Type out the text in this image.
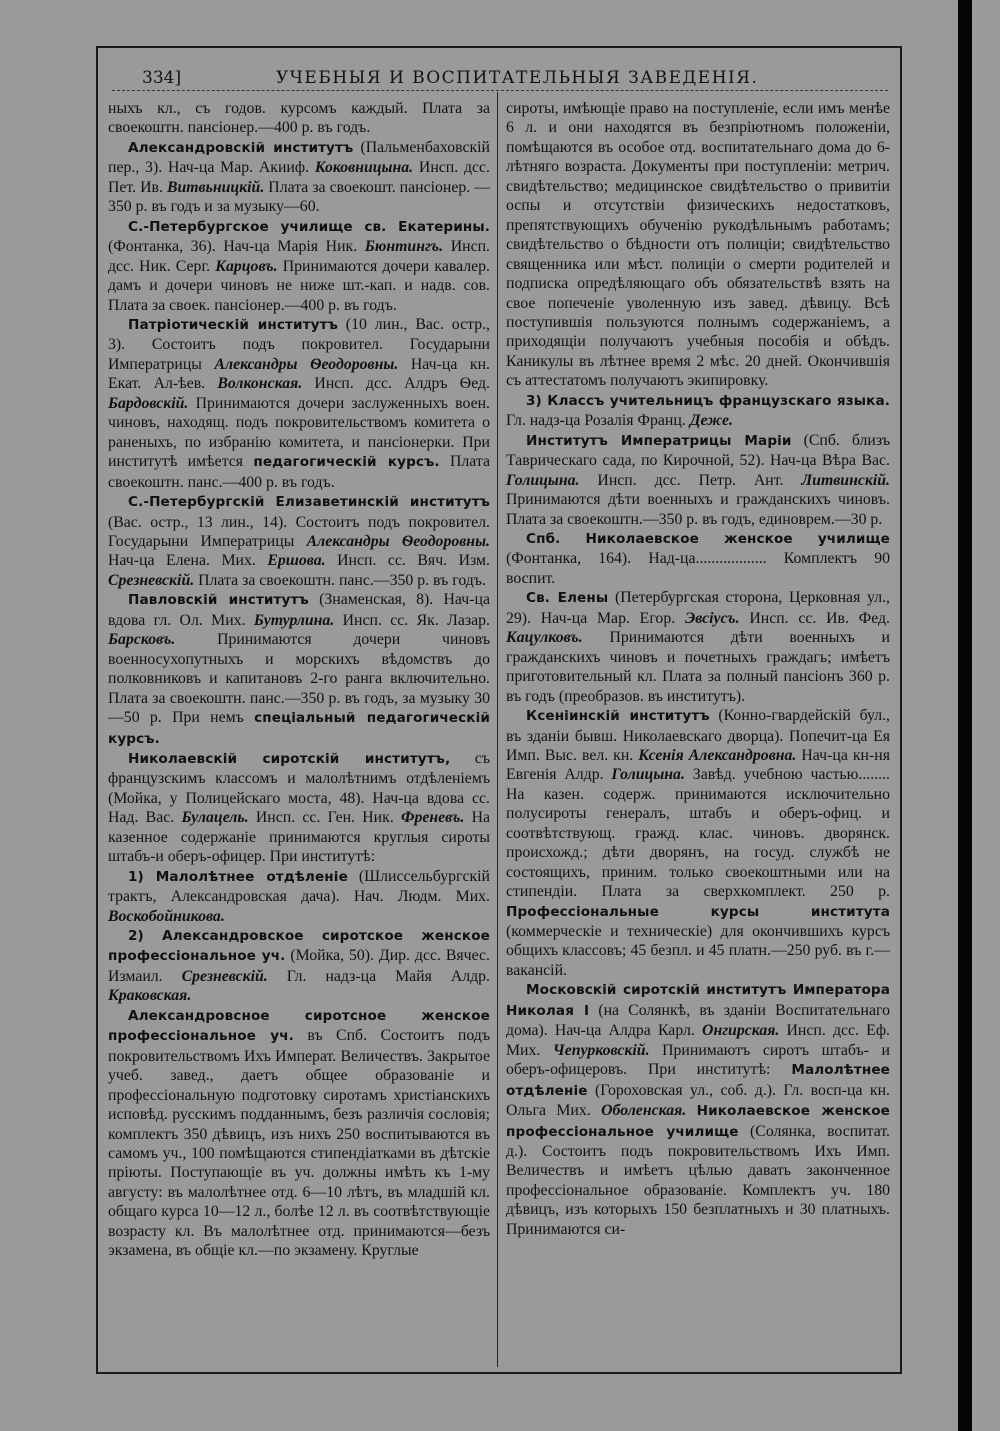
334]	УЧЕБНЫЯ И ВОСПИТАТЕЛЬНЫЯ ЗАВЕДЕНІЯ.

ныхъ кл., съ годов. курсомъ каждый. Плата за своекоштн. пансіонер.—400 р. въ годъ.

Александровскій институтъ (Пальменбаховскій пер., 3). Нач-ца Мар. Акииф. Коковницына. Инсп. дсс. Пет. Ив. Витвьницкій. Плата за своекошт. пансіонер. — 350 р. въ годъ и за музыку—60.

С.-Петербургское училище св. Екатерины. (Фонтанка, 36). Нач-ца Марія Ник. Бюнтингъ. Инсп. дсс. Ник. Серг. Карцовъ. Принимаются дочери кавалер. дамъ и дочери чиновъ не ниже шт.-кап. и надв. сов. Плата за своек. пансіонер.—400 р. въ годъ.

Патріотическій институтъ (10 лин., Вас. остр., 3). Состоитъ подъ покровител. Государыни Императрицы Александры Ѳеодоровны. Нач-ца кн. Екат. Ал-ѣев. Волконская. Инсп. дсс. Алдръ Ѳед. Бардовскій. Принимаются дочери заслуженныхъ воен. чиновъ, находящ. подъ покровительствомъ комитета о раненыхъ, по избранію комитета, и пансіонерки. При институтѣ имѣется педагогическій курсъ. Плата своекоштн. панс.—400 р. въ годъ.

С.-Петербургскій Елизаветинскій институтъ (Вас. остр., 13 лин., 14). Состоитъ подъ покровител. Государыни Императрицы Александры Ѳеодоровны. Нач-ца Елена. Мих. Ершова. Инсп. сс. Вяч. Изм. Срезневскій. Плата за своекоштн. панс.—350 р. въ годъ.

Павловскій институтъ (Знаменская, 8). Нач-ца вдова гл. Ол. Мих. Бутурлина. Инсп. сс. Як. Лазар. Барсковъ. Принимаются дочери чиновъ военносухопутныхъ и морскихъ вѣдомствъ до полковниковъ и капитановъ 2-го ранга включительно. Плата за своекоштн. панс.—350 р. въ годъ, за музыку 30—50 р. При немъ спеціальный педагогическій курсъ.

Николаевскій сиротскій институтъ, съ французскимъ классомъ и малолѣтнимъ отдѣленіемъ (Мойка, у Полицейскаго моста, 48). Нач-ца вдова сс. Над. Вас. Булацель. Инсп. сс. Ген. Ник. Френевъ. На казенное содержаніе принимаются круглыя сироты штабъ-и оберъ-офицер. При институтѣ:

1) Малолѣтнее отдѣленіе (Шлиссельбургскій трактъ, Александровская дача). Нач. Людм. Мих. Воскобойникова.

2) Александровское сиротское женское профессіональное уч. (Мойка, 50). Дир. дсс. Вячес. Измаил. Срезневскій. Гл. надз-ца Майя Алдр. Краковская.

Александровсное сиротсное женское профессіональное уч. въ Спб. Состоитъ подъ покровительствомъ Ихъ Императ. Величествъ. Закрытое учеб. завед., даетъ общее образованіе и профессіональную подготовку сиротамъ христіанскихъ исповѣд. русскимъ подданнымъ, безъ различія сословія; комплектъ 350 дѣвицъ, изъ нихъ 250 воспитываются въ самомъ уч., 100 помѣщаются стипендіатками въ дѣтскіе пріюты. Поступающіе въ уч. должны имѣть къ 1-му августу: въ малолѣтнее отд. 6—10 лѣтъ, въ младшій кл. общаго курса 10—12 л., болѣе 12 л. въ соотвѣтствующіе возрасту кл. Въ малолѣтнее отд. принимаются—безъ экзамена, въ общіе кл.—по экзамену. Круглые

сироты, имѣющіе право на поступленіе, если имъ менѣе 6 л. и они находятся въ безпріютномъ положеніи, помѣщаются въ особое отд. воспитательнаго дома до 6-лѣтняго возраста. Документы при поступленіи: метрич. свидѣтельство; медицинское свидѣтельство о привитіи оспы и отсутствіи физическихъ недостатковъ, препятствующихъ обученію рукодѣльнымъ работамъ; свидѣтельство о бѣдности отъ полиціи; свидѣтельство священника или мѣст. полиціи о смерти родителей и подписка опредѣляющаго объ обязательствѣ взять на свое попеченіе уволенную изъ завед. дѣвицу. Всѣ поступившія пользуются полнымъ содержаніемъ, а приходящіи получаютъ учебныя пособія и обѣдъ. Каникулы въ лѣтнее время 2 мѣс. 20 дней. Окончившія съ аттестатомъ получаютъ экипировку.

3) Классъ учительницъ французскаго языка. Гл. надз-ца Розалія Франц. Деже.

Институтъ Императрицы Маріи (Спб. близъ Таврическаго сада, по Кирочной, 52). Нач-ца Вѣра Вас. Голицына. Инсп. дсс. Петр. Ант. Литвинскій. Принимаются дѣти военныхъ и гражданскихъ чиновъ. Плата за своекоштн.—350 р. въ годъ, единоврем.—30 р.

Спб. Николаевское женское училище (Фонтанка, 164). Над-ца.................. Комплектъ 90 воспит.

Св. Елены (Петербургская сторона, Церковная ул., 29). Нач-ца Мар. Егор. Эвсіусъ. Инсп. сс. Ив. Фед. Кацулковъ. Принимаются дѣти военныхъ и гражданскихъ чиновъ и почетныхъ граждагь; имѣетъ приготовительный кл. Плата за полный пансіонъ 360 р. въ годъ (преобразов. въ институтъ).

Ксеніинскій институтъ (Конно-гвардейскій бул., въ зданіи бывш. Николаевскаго дворца). Попечит-ца Ея Имп. Выс. вел. кн. Ксенія Александровна. Нач-ца кн-ня Евгенія Алдр. Голицына. Завѣд. учебною частью........ На казен. содерж. принимаются исключительно полусироты генералъ, штабъ и оберъ-офиц. и соотвѣтствующ. гражд. клас. чиновъ. дворянск. происхожд.; дѣти дворянъ, на госуд. службѣ не состоящихъ, приним. только своекоштными или на стипендіи. Плата за сверхкомплект. 250 р. Профессіональные курсы института (коммерческіе и техническіе) для окончившихъ курсъ общихъ классовъ; 45 безпл. и 45 платн.—250 руб. въ г.—вакансій.

Московскій сиротскій институтъ Императора Николая I (на Солянкѣ, въ зданіи Воспитательнаго дома). Нач-ца Алдра Карл. Онгирская. Инсп. дсс. Еф. Мих. Чепурковскій. Принимаютъ сиротъ штабъ- и оберъ-офицеровъ. При институтѣ: Малолѣтнее отдѣленіе (Гороховская ул., соб. д.). Гл. восп-ца кн. Ольга Мих. Оболенская. Николаевское женское профессіональное училище (Солянка, воспитат. д.). Состоитъ подъ покровительствомъ Ихъ Имп. Величествъ и имѣетъ цѣлью давать законченное профессіональное образованіе. Комплектъ уч. 180 дѣвицъ, изъ которыхъ 150 безплатныхъ и 30 платныхъ. Принимаются си-
